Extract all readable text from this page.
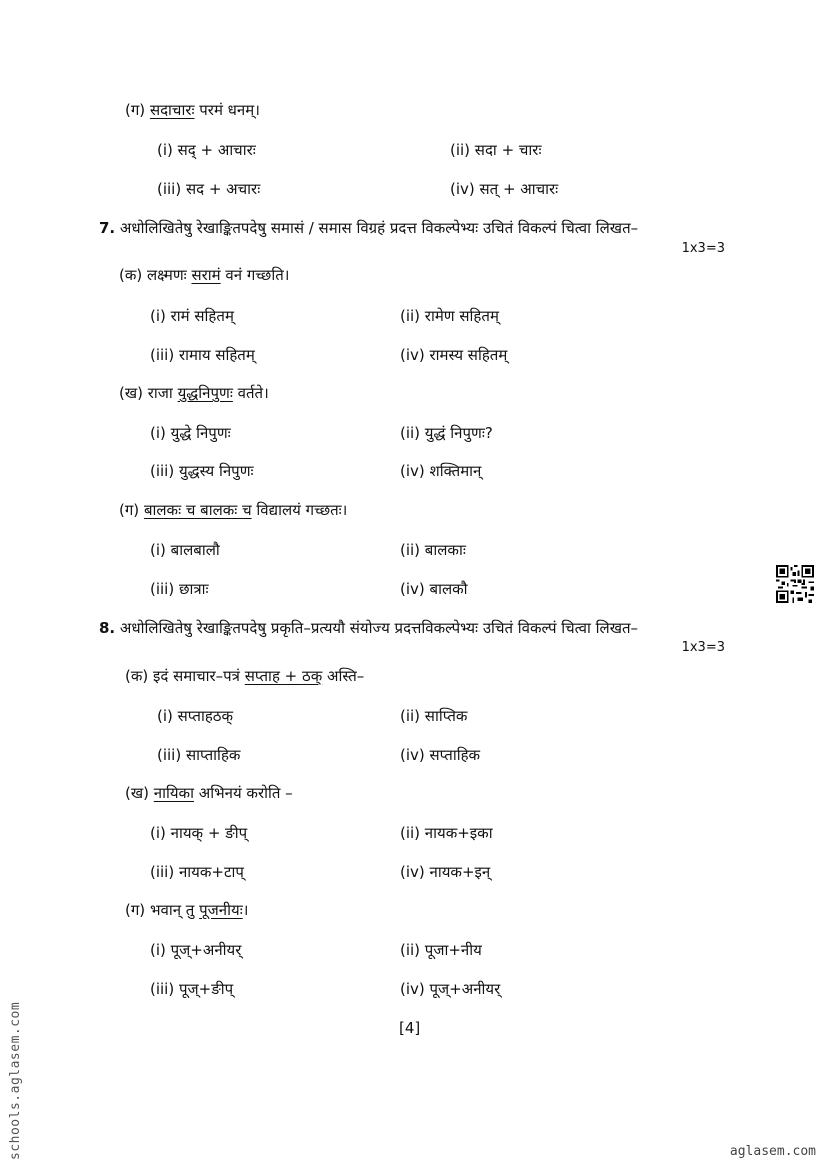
(ग) सदाचारः परमं धनम्।
(i) सद् + आचारः	(ii) सदा + चारः
(iii) सद + अचारः	(iv) सत् + आचारः
7. अधोलिखितेषु रेखाङ्कितपदेषु समासं / समास विग्रहं प्रदत्त विकल्पेभ्यः उचितं विकल्पं चित्वा लिखत–
1x3=3
(क) लक्ष्मणः सरामं वनं गच्छति।
(i) रामं सहितम्	(ii) रामेण सहितम्
(iii) रामाय सहितम्	(iv) रामस्य सहितम्
(ख) राजा युद्धनिपुणः वर्तते।
(i) युद्धे निपुणः	(ii) युद्धं निपुणः?
(iii) युद्धस्य निपुणः	(iv) शक्तिमान्
(ग) बालकः च बालकः च विद्यालयं गच्छतः।
(i) बालबालौ	(ii) बालकाः
(iii) छात्राः	(iv) बालकौ
8. अधोलिखितेषु रेखाङ्कितपदेषु प्रकृति–प्रत्ययौ संयोज्य प्रदत्तविकल्पेभ्यः उचितं विकल्पं चित्वा लिखत–
1x3=3
(क) इदं समाचार–पत्रं सप्ताह + ठक् अस्ति–
(i) सप्ताहठक्	(ii) साप्तिक
(iii) साप्ताहिक	(iv) सप्ताहिक
(ख) नायिका अभिनयं करोति –
(i) नायक् + ङीप्	(ii) नायक+इका
(iii) नायक+टाप्	(iv) नायक+इन्
(ग) भवान् तु पूजनीयः।
(i) पूज्+अनीयर्	(ii) पूजा+नीय
(iii) पूज्+ङीप्	(iv) पूज्+अनीयर्
[4]
schools.aglasem.com	aglasem.com
